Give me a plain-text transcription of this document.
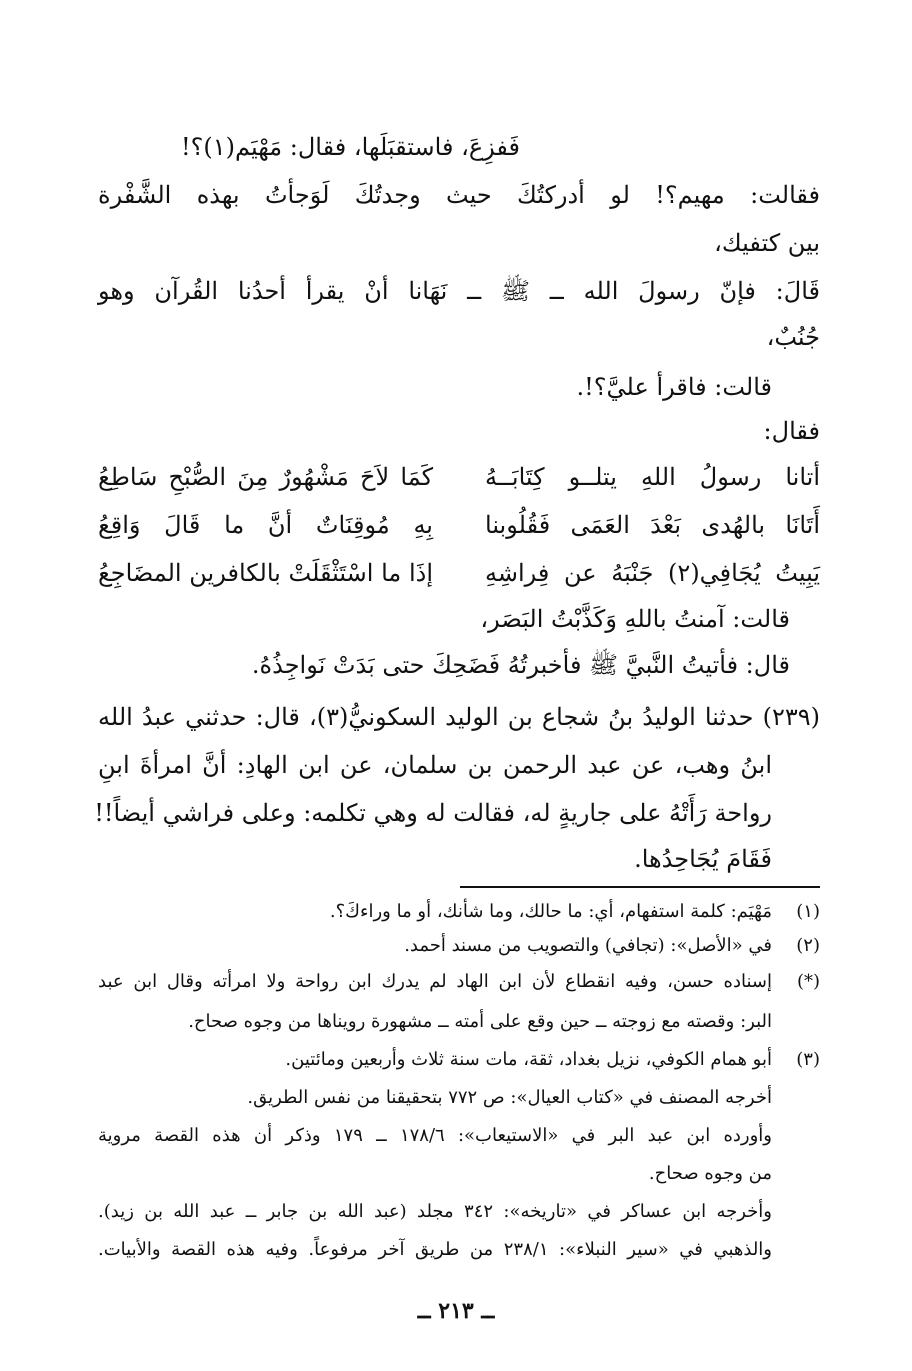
فَفزِعَ، فاستقبَلَها، فقال: مَهْيَم(١)؟!
فقالت: مهيم؟! لو أدركتُكَ حيث وجدتُكَ لَوَجأتُ بهذه الشَّفْرة
بين كتفيك،
قَالَ: فإنّ رسولَ الله ــ ﷺ ــ نَهَانا أنْ يقرأ أحدُنا القُرآن وهو
جُنُبٌ،
قالت: فاقرأ عليَّ؟!.
فقال:
أتانا رسولُ اللهِ يتلــو كِتَابَــهُ
كَمَا لاَحَ مَشْهُورٌ مِنَ الصُّبْحِ سَاطِعُ
أَتَانَا بالهُدى بَعْدَ العَمَى فَقُلُوبنا
بِهِ مُوقِنَاتٌ أنَّ ما قَالَ وَاقِعُ
يَبِيتُ يُجَافِي(٢) جَنْبَهُ عن فِراشِهِ
إذَا ما اسْتَثْقَلَتْ بالكافرين المضَاجِعُ
قالت: آمنتُ باللهِ وَكَذَّبْتُ البَصَر،
قال: فأتيتُ النَّبيَّ ﷺ فأخبرتُهُ فَضَحِكَ حتى بَدَتْ نَواجِذُهُ.
(٢٣٩) حدثنا الوليدُ بنُ شجاع بن الوليد السكونيُّ(٣)، قال: حدثني عبدُ الله
ابنُ وهب، عن عبد الرحمن بن سلمان، عن ابن الهادِ: أنَّ امرأةَ ابنِ
رواحة رَأَتْهُ على جاريةٍ له، فقالت له وهي تكلمه: وعلى فراشي أيضاً!!
فَقَامَ يُجَاحِدُها.
(١)
مَهْيَم: كلمة استفهام، أي: ما حالك، وما شأنك، أو ما وراءكَ؟.
(٢)
في «الأصل»: (تجافي) والتصويب من مسند أحمد.
(*)
إسناده حسن، وفيه انقطاع لأن ابن الهاد لم يدرك ابن رواحة ولا امرأته وقال ابن عبد
البر: وقصته مع زوجته ــ حين وقع على أمته ــ مشهورة رويناها من وجوه صحاح.
(٣)
أبو همام الكوفي، نزيل بغداد، ثقة، مات سنة ثلاث وأربعين ومائتين.
أخرجه المصنف في «كتاب العيال»: ص ٧٧٢ بتحقيقنا من نفس الطريق.
وأورده ابن عبد البر في «الاستيعاب»: ١٧٨/٦ ــ ١٧٩ وذكر أن هذه القصة مروية
من وجوه صحاح.
وأخرجه ابن عساكر في «تاريخه»: ٣٤٢ مجلد (عبد الله بن جابر ــ عبد الله بن زيد).
والذهبي في «سير النبلاء»: ٢٣٨/١ من طريق آخر مرفوعاً. وفيه هذه القصة والأبيات.
ــ ٢١٣ ــ
